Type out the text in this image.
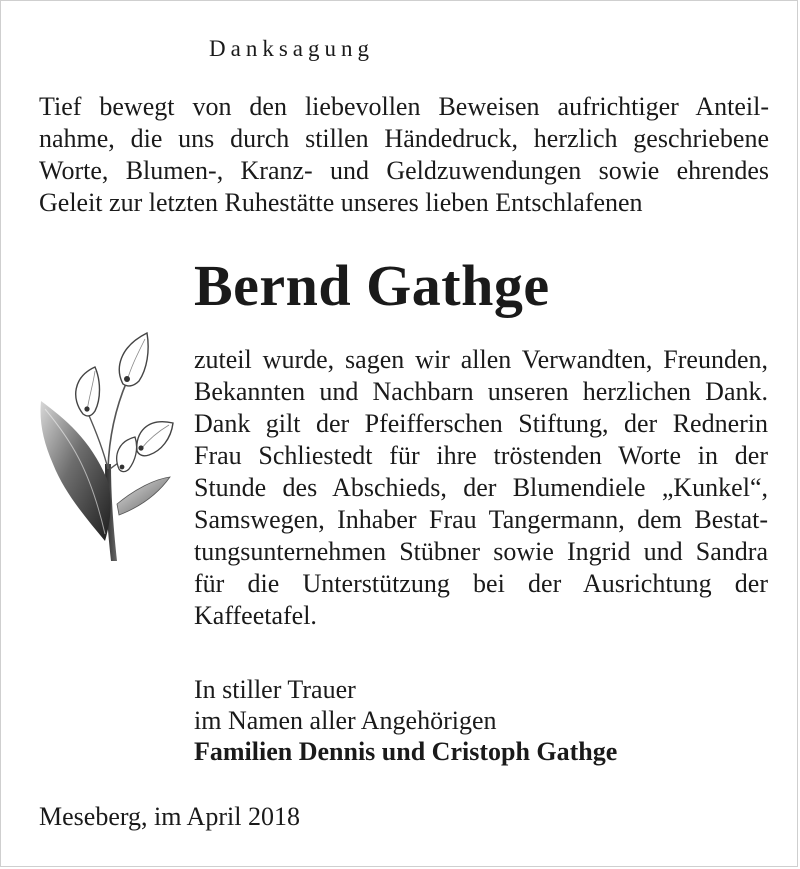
Danksagung
Tief bewegt von den liebevollen Beweisen aufrichtiger Anteil-
nahme, die uns durch stillen Händedruck, herzlich geschriebene
Worte, Blumen-, Kranz- und Geldzuwendungen sowie ehrendes
Geleit zur letzten Ruhestätte unseres lieben Entschlafenen
Bernd Gathge
zuteil wurde, sagen wir allen Verwandten, Freunden,
Bekannten und Nachbarn unseren herzlichen Dank.
Dank gilt der Pfeifferschen Stiftung, der Rednerin
Frau Schliestedt für ihre tröstenden Worte in der
Stunde des Abschieds, der Blumendiele „Kunkel“,
Samswegen, Inhaber Frau Tangermann, dem Bestat-
tungsunternehmen Stübner sowie Ingrid und Sandra
für die Unterstützung bei der Ausrichtung der
Kaffeetafel.
In stiller Trauer
im Namen aller Angehörigen
Familien Dennis und Cristoph Gathge
Meseberg, im April 2018
